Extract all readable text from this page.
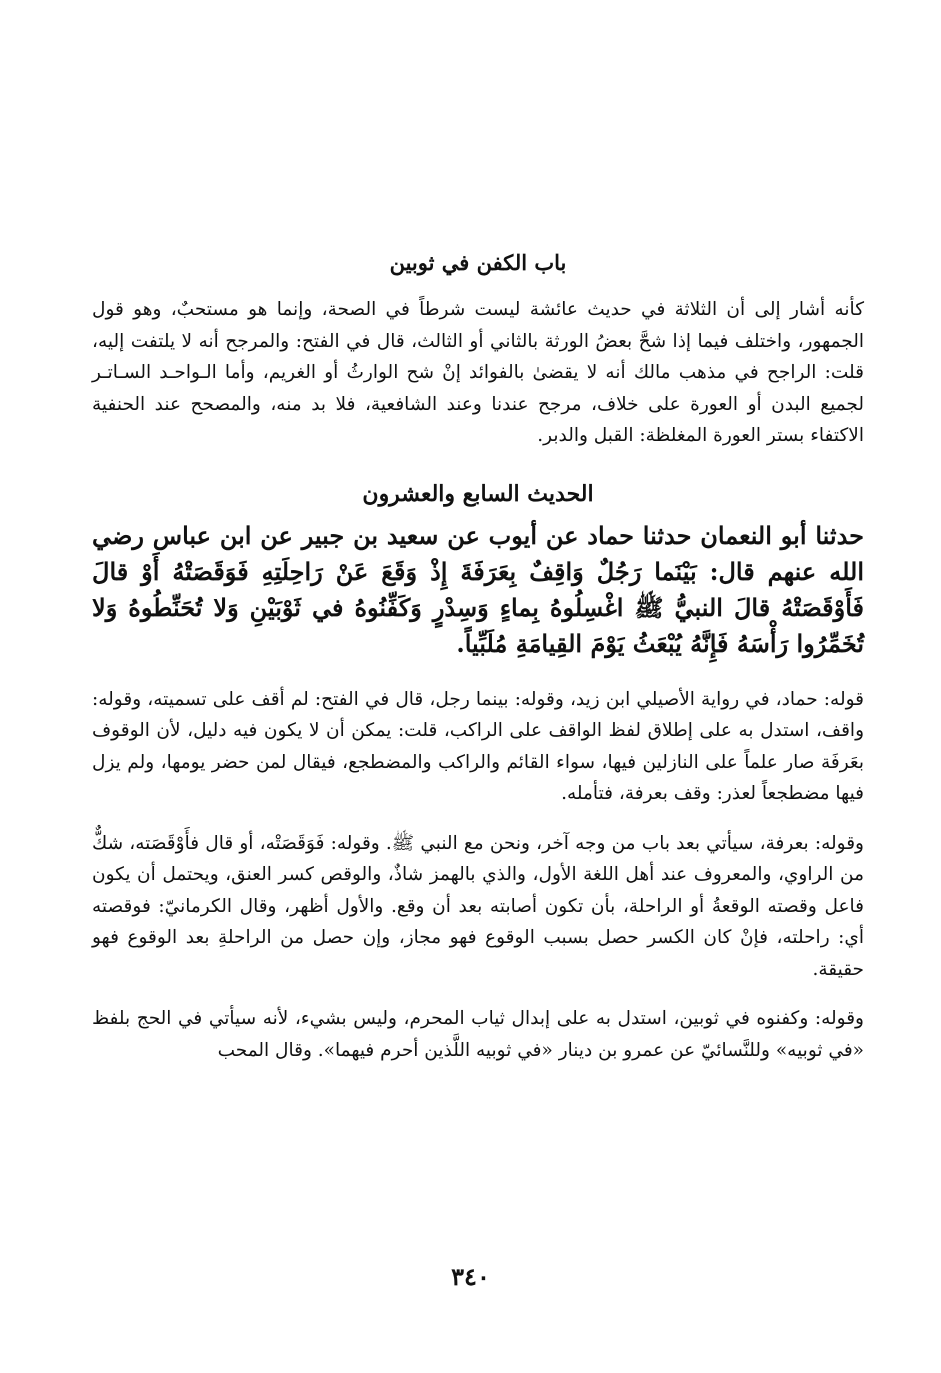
باب الكفن في ثوبين

كأنه أشار إلى أن الثلاثة في حديث عائشة ليست شرطاً في الصحة، وإنما هو مستحبٌ، وهو قول الجمهور، واختلف فيما إذا شحَّ بعضُ الورثة بالثاني أو الثالث، قال في الفتح: والمرجح أنه لا يلتفت إليه، قلت: الراجح في مذهب مالك أنه لا يقضىٰ بالفوائد إنْ شح الوارثُ أو الغريم، وأما الـواحـد السـاتـر لجميع البدن أو العورة على خلاف، مرجح عندنا وعند الشافعية، فلا بد منه، والمصحح عند الحنفية الاكتفاء بستر العورة المغلظة: القبل والدبر.

الحديث السابع والعشرون

حدثنا أبو النعمان حدثنا حماد عن أيوب عن سعيد بن جبير عن ابن عباس رضي الله عنهم قال: بَيْنَما رَجُلٌ وَاقِفٌ بِعَرَفَةَ إِذْ وَقَعَ عَنْ رَاحِلَتِهِ فَوَقَصَتْهُ أَوْ قالَ فَأَوْقَصَتْهُ قالَ النبيُّ ﷺ اغْسِلُوهُ بِماءٍ وَسِدْرٍ وَكَفِّنُوهُ في ثَوْبَيْنِ وَلا تُحَنِّطُوهُ وَلا تُخَمِّرُوا رَأْسَهُ فَإِنَّهُ يُبْعَثُ يَوْمَ القِيامَةِ مُلَبِّياً.

قوله: حماد، في رواية الأصيلي ابن زيد، وقوله: بينما رجل، قال في الفتح: لم أقف على تسميته، وقوله: واقف، استدل به على إطلاق لفظ الواقف على الراكب، قلت: يمكن أن لا يكون فيه دليل، لأن الوقوف بعَرفَة صار علماً على النازلين فيها، سواء القائم والراكب والمضطجع، فيقال لمن حضر يومها، ولم يزل فيها مضطجعاً لعذر: وقف بعرفة، فتأمله.

وقوله: بعرفة، سيأتي بعد باب من وجه آخر، ونحن مع النبي ﷺ. وقوله: فَوَقَصَتْه، أو قال فأَوْقَصَته، شكٌّ من الراوي، والمعروف عند أهل اللغة الأول، والذي بالهمز شاذٌ، والوقص كسر العنق، ويحتمل أن يكون فاعل وقصته الوقعةُ أو الراحلة، بأن تكون أصابته بعد أن وقع. والأول أظهر، وقال الكرمانيّ: فوقصته أي: راحلته، فإنْ كان الكسر حصل بسبب الوقوع فهو مجاز، وإن حصل من الراحلةِ بعد الوقوع فهو حقيقة.

وقوله: وكفنوه في ثوبين، استدل به على إبدال ثياب المحرم، وليس بشيء، لأنه سيأتي في الحج بلفظ «في ثوبيه» وللنَّسائيّ عن عمرو بن دينار «في ثوبيه اللَّذين أحرم فيهما». وقال المحب

٣٤٠
